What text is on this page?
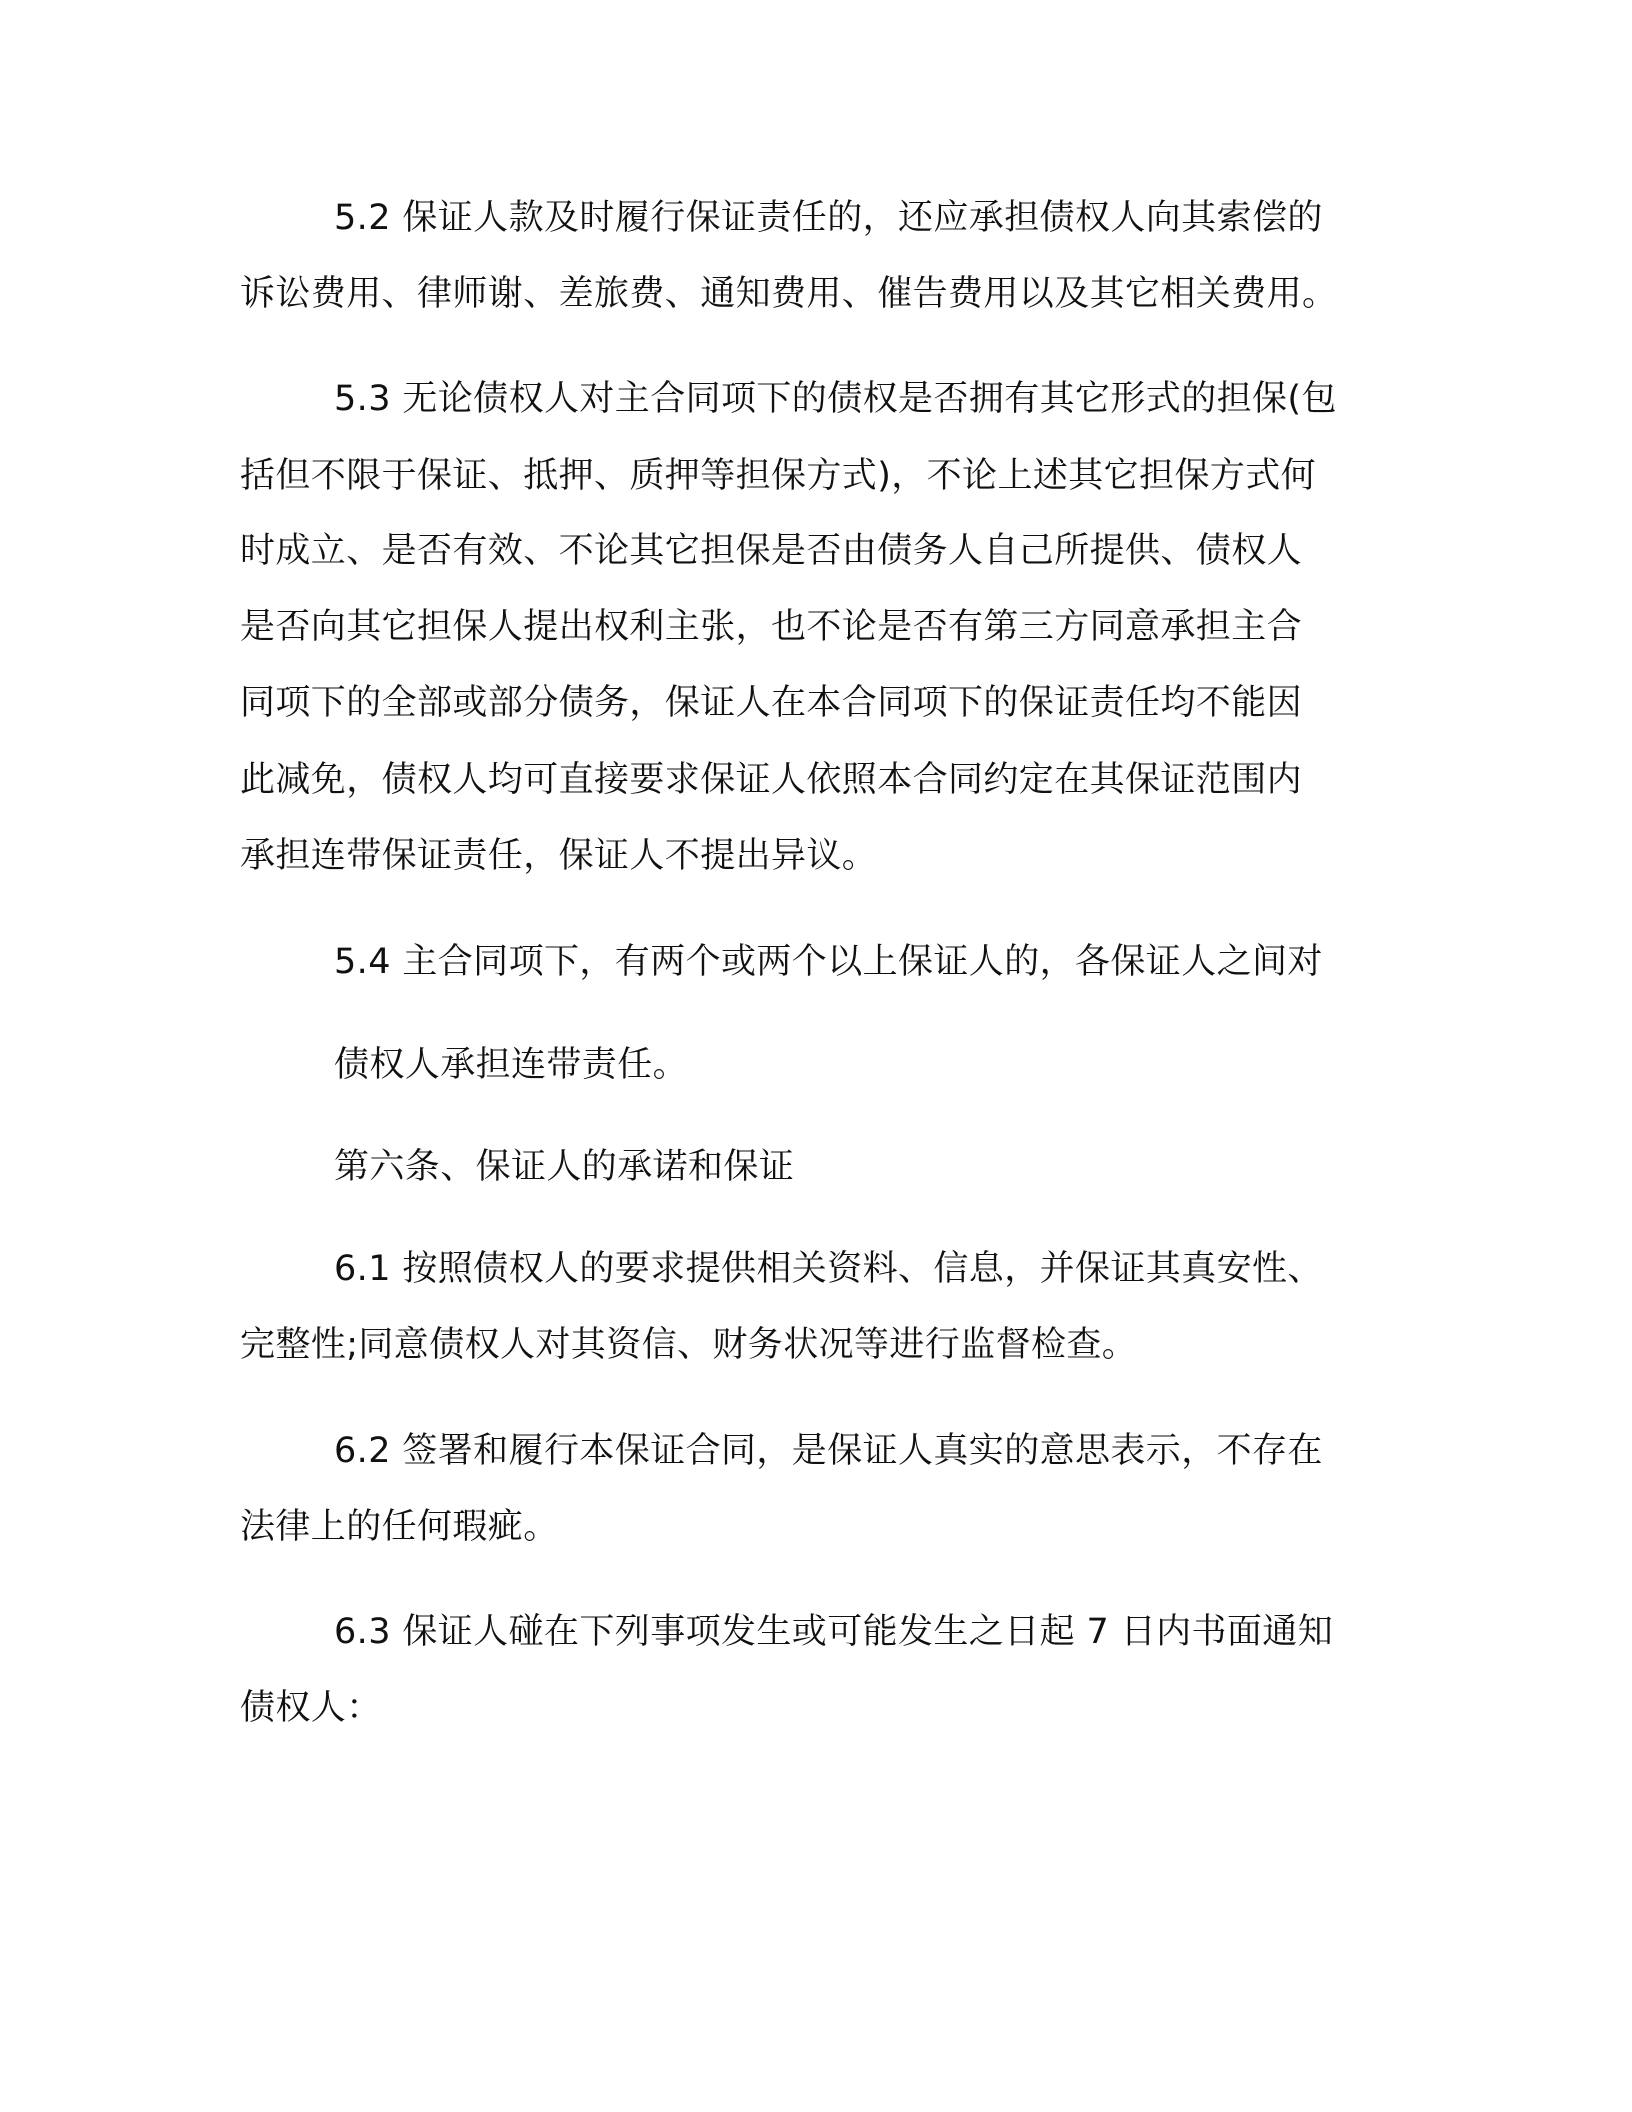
5.2 保证人款及时履行保证责任的，还应承担债权人向其索偿的
诉讼费用、律师谢、差旅费、通知费用、催告费用以及其它相关费用。
5.3 无论债权人对主合同项下的债权是否拥有其它形式的担保(包
括但不限于保证、抵押、质押等担保方式)，不论上述其它担保方式何
时成立、是否有效、不论其它担保是否由债务人自己所提供、债权人
是否向其它担保人提出权利主张，也不论是否有第三方同意承担主合
同项下的全部或部分债务，保证人在本合同项下的保证责任均不能因
此减免，债权人均可直接要求保证人依照本合同约定在其保证范围内
承担连带保证责任，保证人不提出异议。
5.4 主合同项下，有两个或两个以上保证人的，各保证人之间对
债权人承担连带责任。
第六条、保证人的承诺和保证
6.1 按照债权人的要求提供相关资料、信息，并保证其真安性、
完整性;同意债权人对其资信、财务状况等进行监督检查。
6.2 签署和履行本保证合同，是保证人真实的意思表示，不存在
法律上的任何瑕疵。
6.3 保证人碰在下列事项发生或可能发生之日起 7 日内书面通知
债权人：
